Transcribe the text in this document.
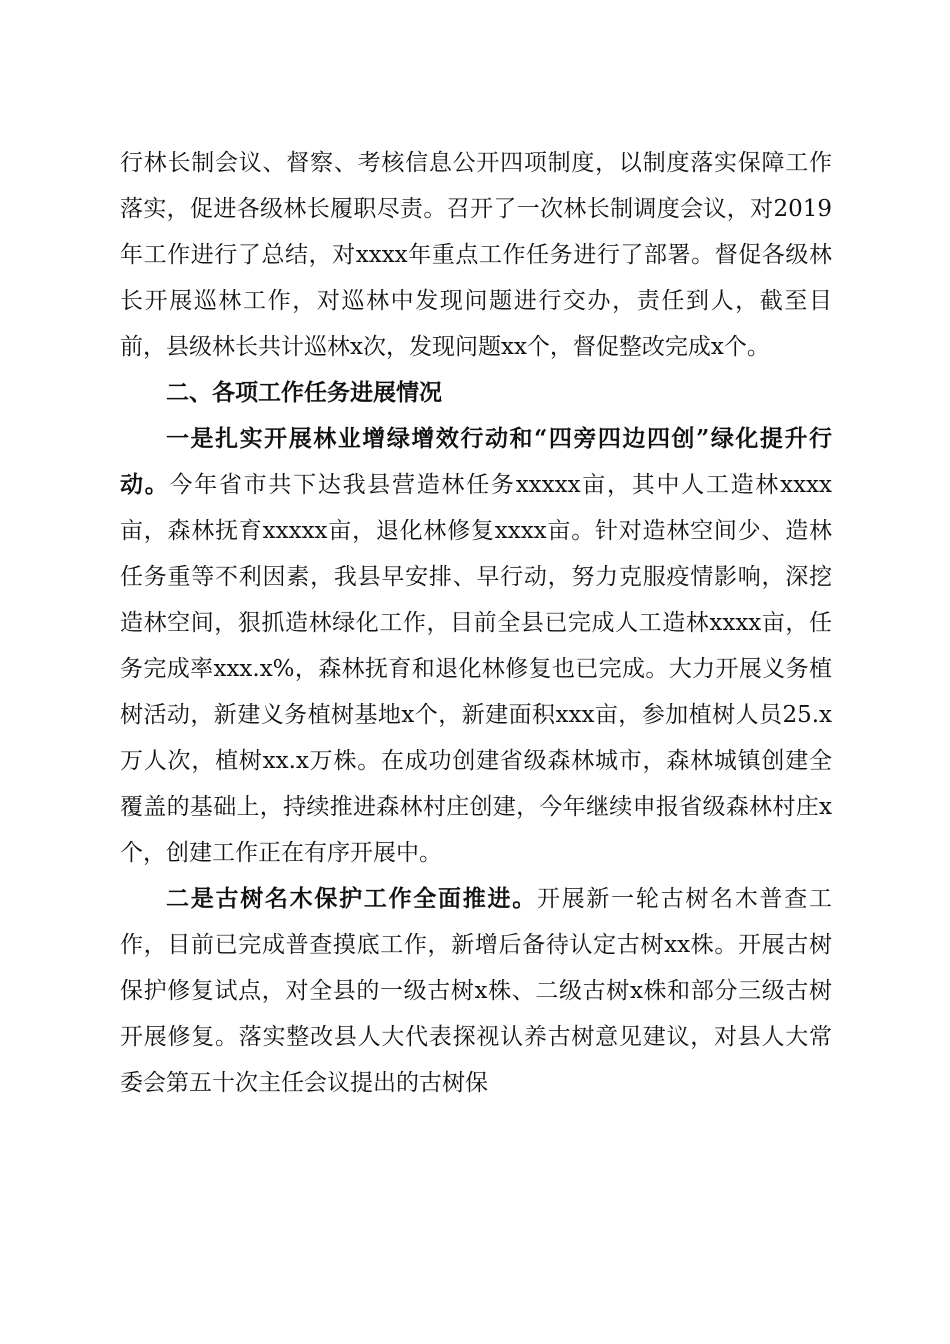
行林长制会议、督察、考核信息公开四项制度，以制度落实保障工作落实，促进各级林长履职尽责。召开了一次林长制调度会议，对2019年工作进行了总结，对xxxx年重点工作任务进行了部署。督促各级林长开展巡林工作，对巡林中发现问题进行交办，责任到人，截至目前，县级林长共计巡林x次，发现问题xx个，督促整改完成x个。

二、各项工作任务进展情况

一是扎实开展林业增绿增效行动和“四旁四边四创”绿化提升行动。今年省市共下达我县营造林任务xxxxx亩，其中人工造林xxxx亩，森林抚育xxxxx亩，退化林修复xxxx亩。针对造林空间少、造林任务重等不利因素，我县早安排、早行动，努力克服疫情影响，深挖造林空间，狠抓造林绿化工作，目前全县已完成人工造林xxxx亩，任务完成率xxx.x%，森林抚育和退化林修复也已完成。大力开展义务植树活动，新建义务植树基地x个，新建面积xxx亩，参加植树人员25.x万人次，植树xx.x万株。在成功创建省级森林城市，森林城镇创建全覆盖的基础上，持续推进森林村庄创建，今年继续申报省级森林村庄x个，创建工作正在有序开展中。

二是古树名木保护工作全面推进。开展新一轮古树名木普查工作，目前已完成普查摸底工作，新增后备待认定古树xx株。开展古树保护修复试点，对全县的一级古树x株、二级古树x株和部分三级古树开展修复。落实整改县人大代表探视认养古树意见建议，对县人大常委会第五十次主任会议提出的古树保
